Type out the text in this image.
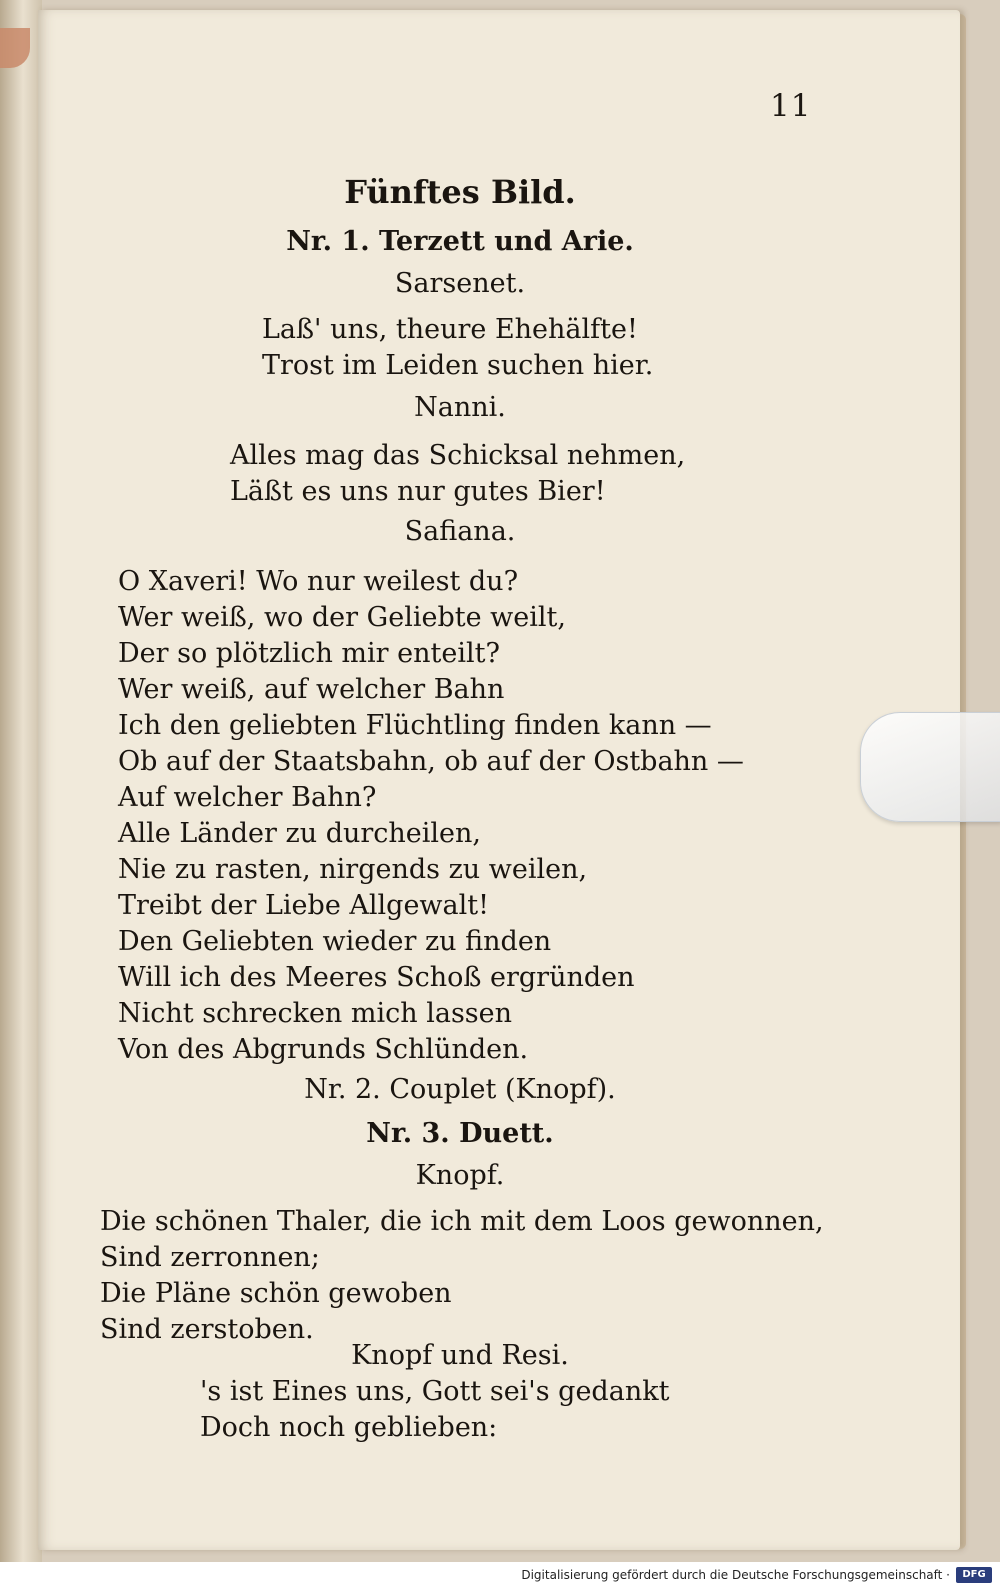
11
Fünftes Bild.
Nr. 1. Terzett und Arie.
Sarsenet.
Laß' uns, theure Ehehälfte!
Trost im Leiden suchen hier.
Nanni.
Alles mag das Schicksal nehmen,
Läßt es uns nur gutes Bier!
Safiana.
O Xaveri! Wo nur weilest du?
Wer weiß, wo der Geliebte weilt,
Der so plötzlich mir enteilt?
Wer weiß, auf welcher Bahn
Ich den geliebten Flüchtling finden kann —
Ob auf der Staatsbahn, ob auf der Ostbahn —
Auf welcher Bahn?
Alle Länder zu durcheilen,
Nie zu rasten, nirgends zu weilen,
Treibt der Liebe Allgewalt!
Den Geliebten wieder zu finden
Will ich des Meeres Schoß ergründen
Nicht schrecken mich lassen
Von des Abgrunds Schlünden.
Nr. 2. Couplet (Knopf).
Nr. 3. Duett.
Knopf.
Die schönen Thaler, die ich mit dem Loos gewonnen,
Sind zerronnen;
Die Pläne schön gewoben
Sind zerstoben.
Knopf und Resi.
's ist Eines uns, Gott sei's gedankt
Doch noch geblieben:
Digitalisierung gefördert durch die Deutsche Forschungsgemeinschaft ·	DFG
